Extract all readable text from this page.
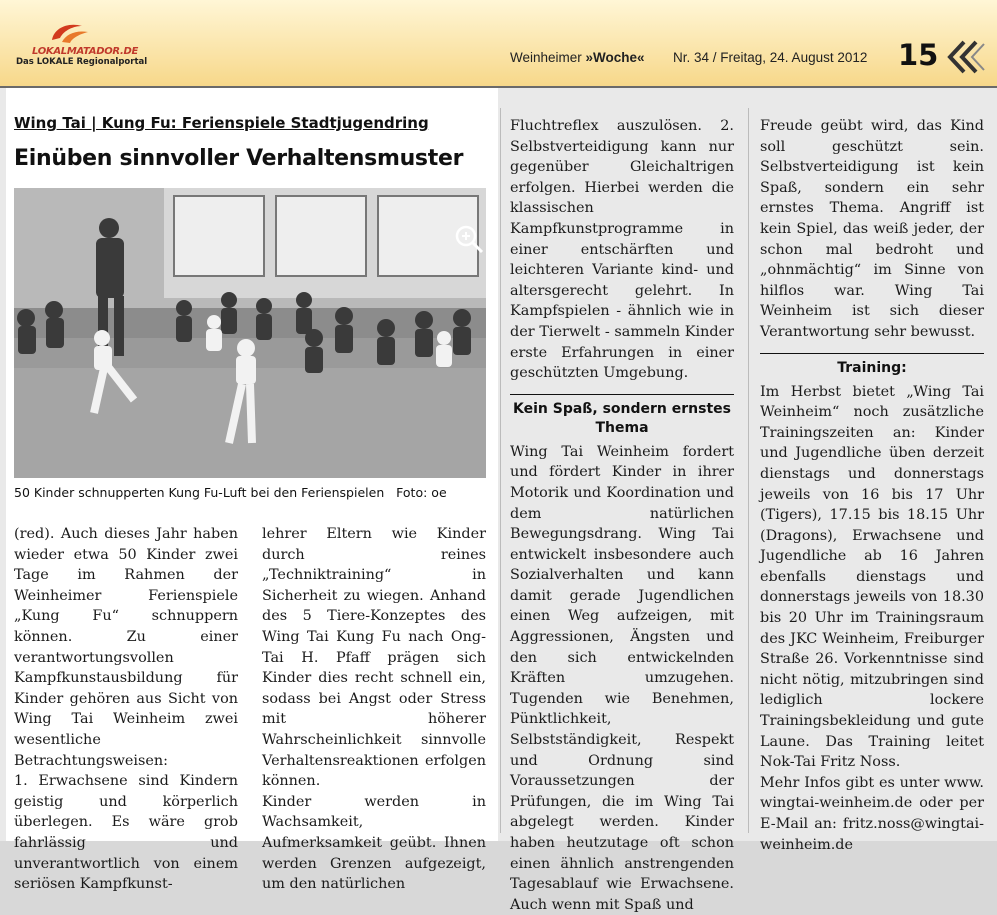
LOKALMATADOR.DE
Das LOKALE Regionalportal	Weinheimer »Woche« Nr. 34 / Freitag, 24. August 2012 15
Wing Tai | Kung Fu: Ferienspiele Stadtjugendring
Einüben sinnvoller Verhaltensmuster
50 Kinder schnupperten Kung Fu-Luft bei den Ferienspielen   Foto: oe

(red). Auch dieses Jahr haben wieder etwa 50 Kinder zwei Tage im Rahmen der Weinheimer Ferienspiele „Kung Fu“ schnuppern können. Zu einer verantwortungsvollen Kampfkunstausbildung für Kinder gehören aus Sicht von Wing Tai Weinheim zwei wesentliche Betrachtungsweisen:

1. Erwachsene sind Kindern geistig und körperlich überlegen. Es wäre grob fahrlässig und unverantwortlich von einem seriösen Kampfkunst-

lehrer Eltern wie Kinder durch reines „Techniktraining“ in Sicherheit zu wiegen. Anhand des 5 Tiere-Konzeptes des Wing Tai Kung Fu nach Ong-Tai H. Pfaff prägen sich Kinder dies recht schnell ein, sodass bei Angst oder Stress mit höherer Wahrscheinlichkeit sinnvolle Verhaltensreaktionen erfolgen können.

Kinder werden in Wachsamkeit, Aufmerksamkeit geübt. Ihnen werden Grenzen aufgezeigt, um den natürlichen

Fluchtreflex auszulösen. 2. Selbstverteidigung kann nur gegenüber Gleichaltrigen erfolgen. Hierbei werden die klassischen Kampfkunstprogramme in einer entschärften und leichteren Variante kind- und altersgerecht gelehrt. In Kampfspielen - ähnlich wie in der Tierwelt - sammeln Kinder erste Erfahrungen in einer geschützten Umgebung.

Kein Spaß, sondern ernstes Thema

Wing Tai Weinheim fordert und fördert Kinder in ihrer Motorik und Koordination und dem natürlichen Bewegungsdrang. Wing Tai entwickelt insbesondere auch Sozialverhalten und kann damit gerade Jugendlichen einen Weg aufzeigen, mit Aggressionen, Ängsten und den sich entwickelnden Kräften umzugehen. Tugenden wie Benehmen, Pünktlichkeit, Selbstständigkeit, Respekt und Ordnung sind Voraussetzungen der Prüfungen, die im Wing Tai abgelegt werden. Kinder haben heutzutage oft schon einen ähnlich anstrengenden Tagesablauf wie Erwachsene. Auch wenn mit Spaß und

Freude geübt wird, das Kind soll geschützt sein. Selbstverteidigung ist kein Spaß, sondern ein sehr ernstes Thema. Angriff ist kein Spiel, das weiß jeder, der schon mal bedroht und „ohnmächtig“ im Sinne von hilflos war. Wing Tai Weinheim ist sich dieser Verantwortung sehr bewusst.

Training:

Im Herbst bietet „Wing Tai Weinheim“ noch zusätzliche Trainingszeiten an: Kinder und Jugendliche üben derzeit dienstags und donnerstags jeweils von 16 bis 17 Uhr (Tigers), 17.15 bis 18.15 Uhr (Dragons), Erwachsene und Jugendliche ab 16 Jahren ebenfalls dienstags und donnerstags jeweils von 18.30 bis 20 Uhr im Trainingsraum des JKC Weinheim, Freiburger Straße 26. Vorkenntnisse sind nicht nötig, mitzubringen sind lediglich lockere Trainingsbekleidung und gute Laune. Das Training leitet Nok-Tai Fritz Noss.

Mehr Infos gibt es unter www. wingtai-weinheim.de oder per E-Mail an: fritz.noss@wingtai-weinheim.de
